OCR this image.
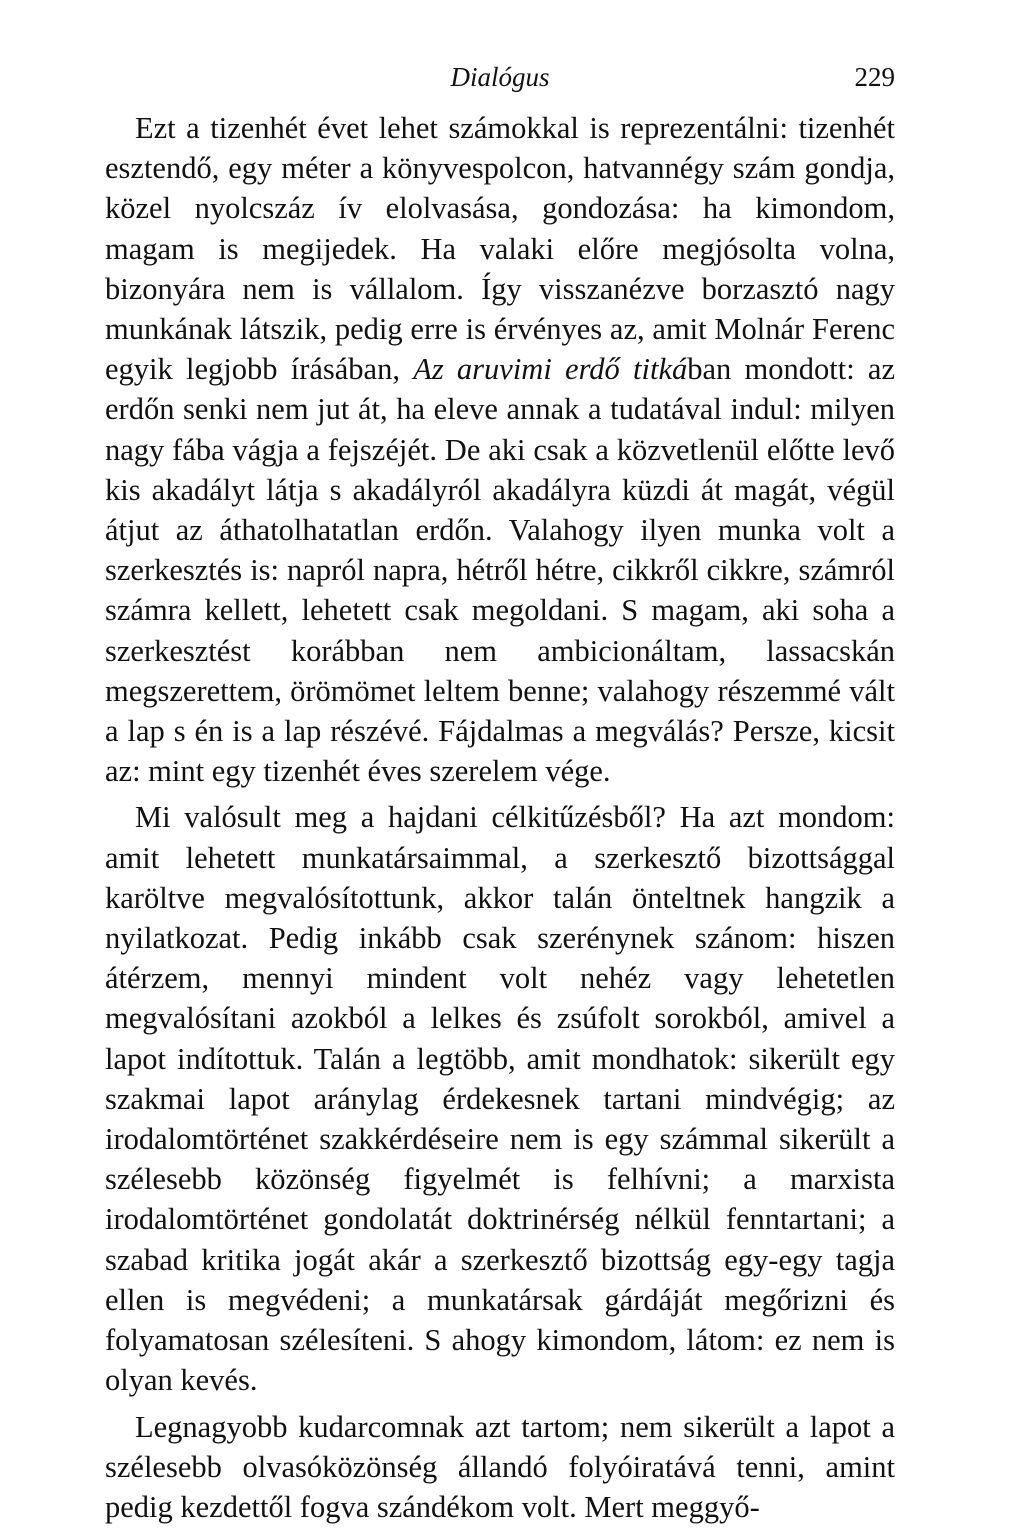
Dialógus	229

Ezt a tizenhét évet lehet számokkal is reprezentálni: tizenhét esztendő, egy méter a könyvespolcon, hatvannégy szám gondja, közel nyolcszáz ív elolvasása, gondozása: ha kimondom, magam is megijedek. Ha valaki előre megjósolta volna, bizonyára nem is vállalom. Így visszanézve borzasztó nagy munkának látszik, pedig erre is érvényes az, amit Molnár Ferenc egyik legjobb írásában, Az aruvimi erdő titkában mondott: az erdőn senki nem jut át, ha eleve annak a tudatával indul: milyen nagy fába vágja a fejszéjét. De aki csak a közvetlenül előtte levő kis akadályt látja s akadályról akadályra küzdi át magát, végül átjut az áthatolhatatlan erdőn. Valahogy ilyen munka volt a szerkesztés is: napról napra, hétről hétre, cikkről cikkre, számról számra kellett, lehetett csak megoldani. S magam, aki soha a szerkesztést korábban nem ambicionáltam, lassacskán megszerettem, örömömet leltem benne; valahogy részemmé vált a lap s én is a lap részévé. Fájdalmas a megválás? Persze, kicsit az: mint egy tizenhét éves szerelem vége.

Mi valósult meg a hajdani célkitűzésből? Ha azt mondom: amit lehetett munkatársaimmal, a szerkesztő bizottsággal karöltve megvalósítottunk, akkor talán önteltnek hangzik a nyilatkozat. Pedig inkább csak szerénynek szánom: hiszen átérzem, mennyi mindent volt nehéz vagy lehetetlen megvalósítani azokból a lelkes és zsúfolt sorokból, amivel a lapot indítottuk. Talán a legtöbb, amit mondhatok: sikerült egy szakmai lapot aránylag érdekesnek tartani mindvégig; az irodalomtörténet szakkérdéseire nem is egy számmal sikerült a szélesebb közönség figyelmét is felhívni; a marxista irodalomtörténet gondolatát doktrinérség nélkül fenntartani; a szabad kritika jogát akár a szerkesztő bizottság egy-egy tagja ellen is megvédeni; a munkatársak gárdáját megőrizni és folyamatosan szélesíteni. S ahogy kimondom, látom: ez nem is olyan kevés.

Legnagyobb kudarcomnak azt tartom; nem sikerült a lapot a szélesebb olvasóközönség állandó folyóiratává tenni, amint pedig kezdettől fogva szándékom volt. Mert meggyő-
